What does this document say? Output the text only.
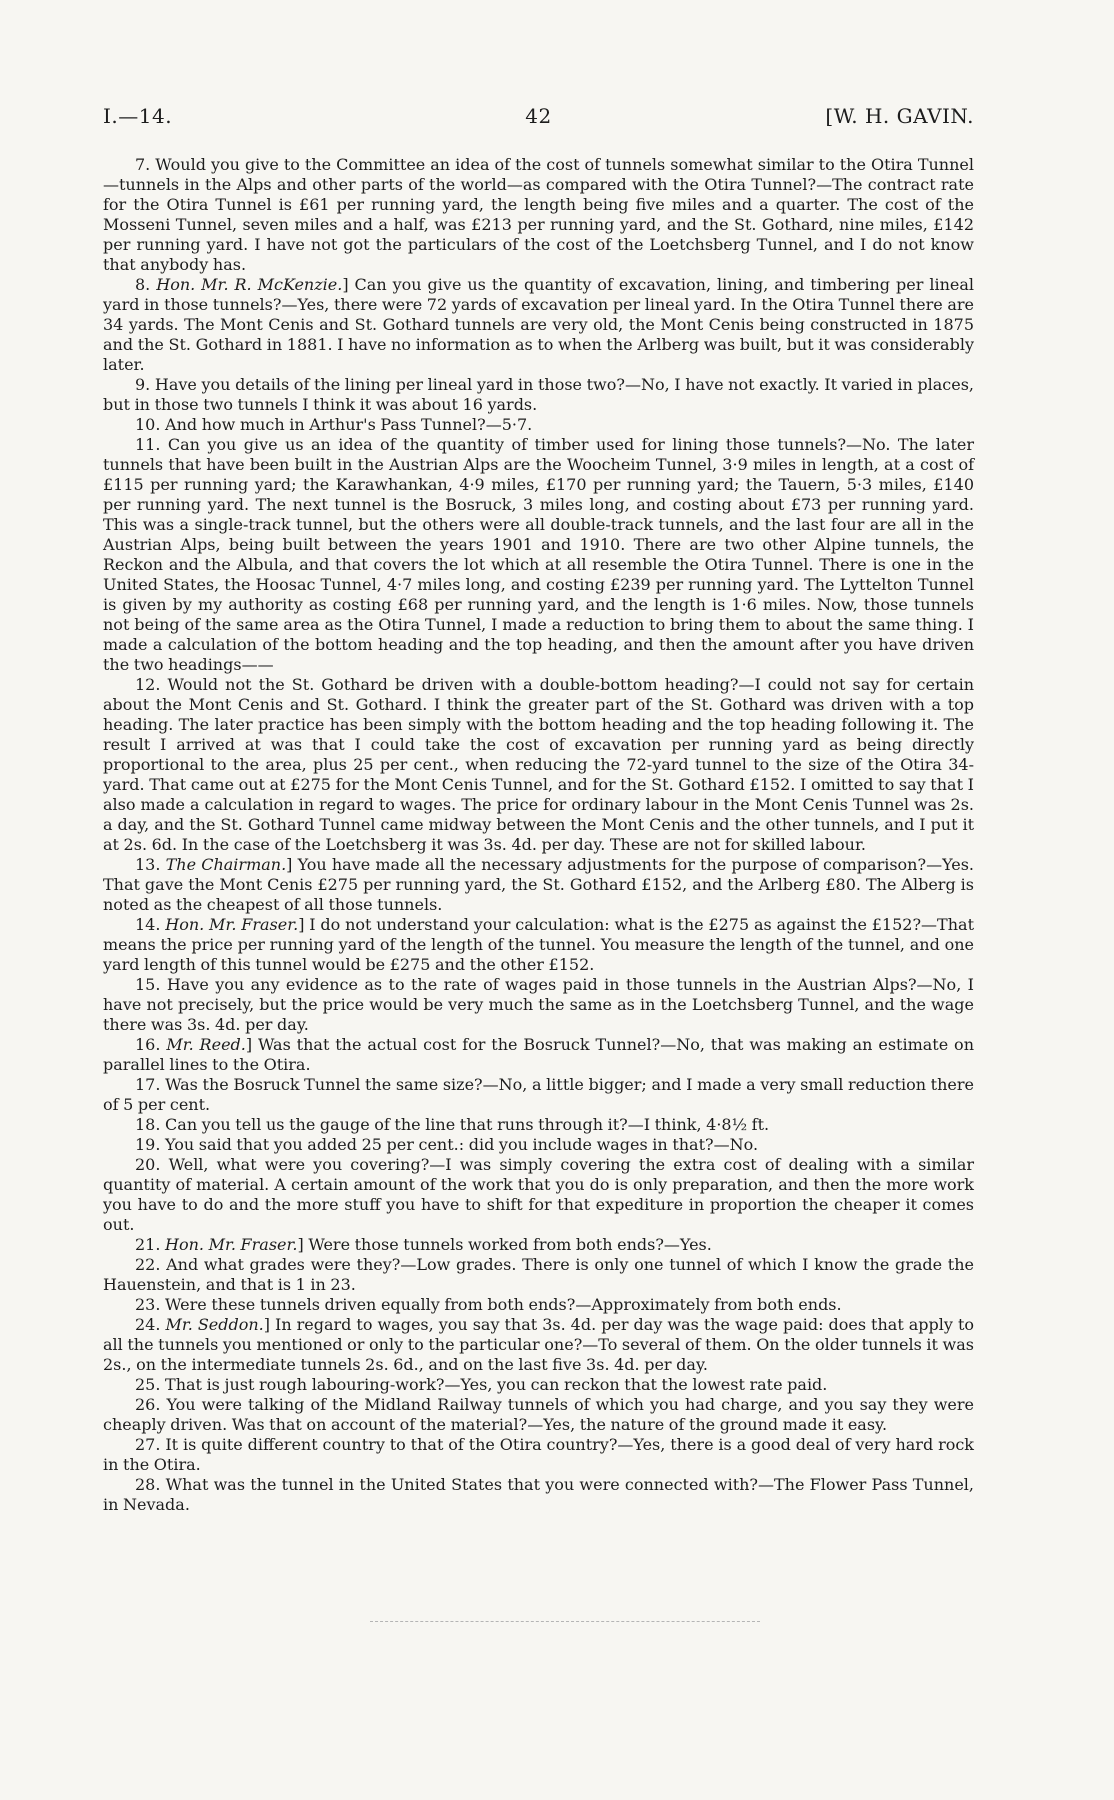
I.—14.	42	[W. H. GAVIN.

7. Would you give to the Committee an idea of the cost of tunnels somewhat similar to the Otira Tunnel—tunnels in the Alps and other parts of the world—as compared with the Otira Tunnel?—The contract rate for the Otira Tunnel is £61 per running yard, the length being five miles and a quarter. The cost of the Mosseni Tunnel, seven miles and a half, was £213 per running yard, and the St. Gothard, nine miles, £142 per running yard. I have not got the particulars of the cost of the Loetchsberg Tunnel, and I do not know that anybody has.

8. Hon. Mr. R. McKenzie.] Can you give us the quantity of excavation, lining, and timbering per lineal yard in those tunnels?—Yes, there were 72 yards of excavation per lineal yard. In the Otira Tunnel there are 34 yards. The Mont Cenis and St. Gothard tunnels are very old, the Mont Cenis being constructed in 1875 and the St. Gothard in 1881. I have no information as to when the Arlberg was built, but it was considerably later.

9. Have you details of the lining per lineal yard in those two?—No, I have not exactly. It varied in places, but in those two tunnels I think it was about 16 yards.

10. And how much in Arthur's Pass Tunnel?—5·7.

11. Can you give us an idea of the quantity of timber used for lining those tunnels?—No. The later tunnels that have been built in the Austrian Alps are the Woocheim Tunnel, 3·9 miles in length, at a cost of £115 per running yard; the Karawhankan, 4·9 miles, £170 per running yard; the Tauern, 5·3 miles, £140 per running yard. The next tunnel is the Bosruck, 3 miles long, and costing about £73 per running yard. This was a single-track tunnel, but the others were all double-track tunnels, and the last four are all in the Austrian Alps, being built between the years 1901 and 1910. There are two other Alpine tunnels, the Reckon and the Albula, and that covers the lot which at all resemble the Otira Tunnel. There is one in the United States, the Hoosac Tunnel, 4·7 miles long, and costing £239 per running yard. The Lyttelton Tunnel is given by my authority as costing £68 per running yard, and the length is 1·6 miles. Now, those tunnels not being of the same area as the Otira Tunnel, I made a reduction to bring them to about the same thing. I made a calculation of the bottom heading and the top heading, and then the amount after you have driven the two headings——

12. Would not the St. Gothard be driven with a double-bottom heading?—I could not say for certain about the Mont Cenis and St. Gothard. I think the greater part of the St. Gothard was driven with a top heading. The later practice has been simply with the bottom heading and the top heading following it. The result I arrived at was that I could take the cost of excavation per running yard as being directly proportional to the area, plus 25 per cent., when reducing the 72-yard tunnel to the size of the Otira 34-yard. That came out at £275 for the Mont Cenis Tunnel, and for the St. Gothard £152. I omitted to say that I also made a calculation in regard to wages. The price for ordinary labour in the Mont Cenis Tunnel was 2s. a day, and the St. Gothard Tunnel came midway between the Mont Cenis and the other tunnels, and I put it at 2s. 6d. In the case of the Loetchsberg it was 3s. 4d. per day. These are not for skilled labour.

13. The Chairman.] You have made all the necessary adjustments for the purpose of comparison?—Yes. That gave the Mont Cenis £275 per running yard, the St. Gothard £152, and the Arlberg £80. The Alberg is noted as the cheapest of all those tunnels.

14. Hon. Mr. Fraser.] I do not understand your calculation: what is the £275 as against the £152?—That means the price per running yard of the length of the tunnel. You measure the length of the tunnel, and one yard length of this tunnel would be £275 and the other £152.

15. Have you any evidence as to the rate of wages paid in those tunnels in the Austrian Alps?—No, I have not precisely, but the price would be very much the same as in the Loetchsberg Tunnel, and the wage there was 3s. 4d. per day.

16. Mr. Reed.] Was that the actual cost for the Bosruck Tunnel?—No, that was making an estimate on parallel lines to the Otira.

17. Was the Bosruck Tunnel the same size?—No, a little bigger; and I made a very small reduction there of 5 per cent.

18. Can you tell us the gauge of the line that runs through it?—I think, 4·8½ ft.

19. You said that you added 25 per cent.: did you include wages in that?—No.

20. Well, what were you covering?—I was simply covering the extra cost of dealing with a similar quantity of material. A certain amount of the work that you do is only preparation, and then the more work you have to do and the more stuff you have to shift for that expediture in proportion the cheaper it comes out.

21. Hon. Mr. Fraser.] Were those tunnels worked from both ends?—Yes.

22. And what grades were they?—Low grades. There is only one tunnel of which I know the grade the Hauenstein, and that is 1 in 23.

23. Were these tunnels driven equally from both ends?—Approximately from both ends.

24. Mr. Seddon.] In regard to wages, you say that 3s. 4d. per day was the wage paid: does that apply to all the tunnels you mentioned or only to the particular one?—To several of them. On the older tunnels it was 2s., on the intermediate tunnels 2s. 6d., and on the last five 3s. 4d. per day.

25. That is just rough labouring-work?—Yes, you can reckon that the lowest rate paid.

26. You were talking of the Midland Railway tunnels of which you had charge, and you say they were cheaply driven. Was that on account of the material?—Yes, the nature of the ground made it easy.

27. It is quite different country to that of the Otira country?—Yes, there is a good deal of very hard rock in the Otira.

28. What was the tunnel in the United States that you were connected with?—The Flower Pass Tunnel, in Nevada.
